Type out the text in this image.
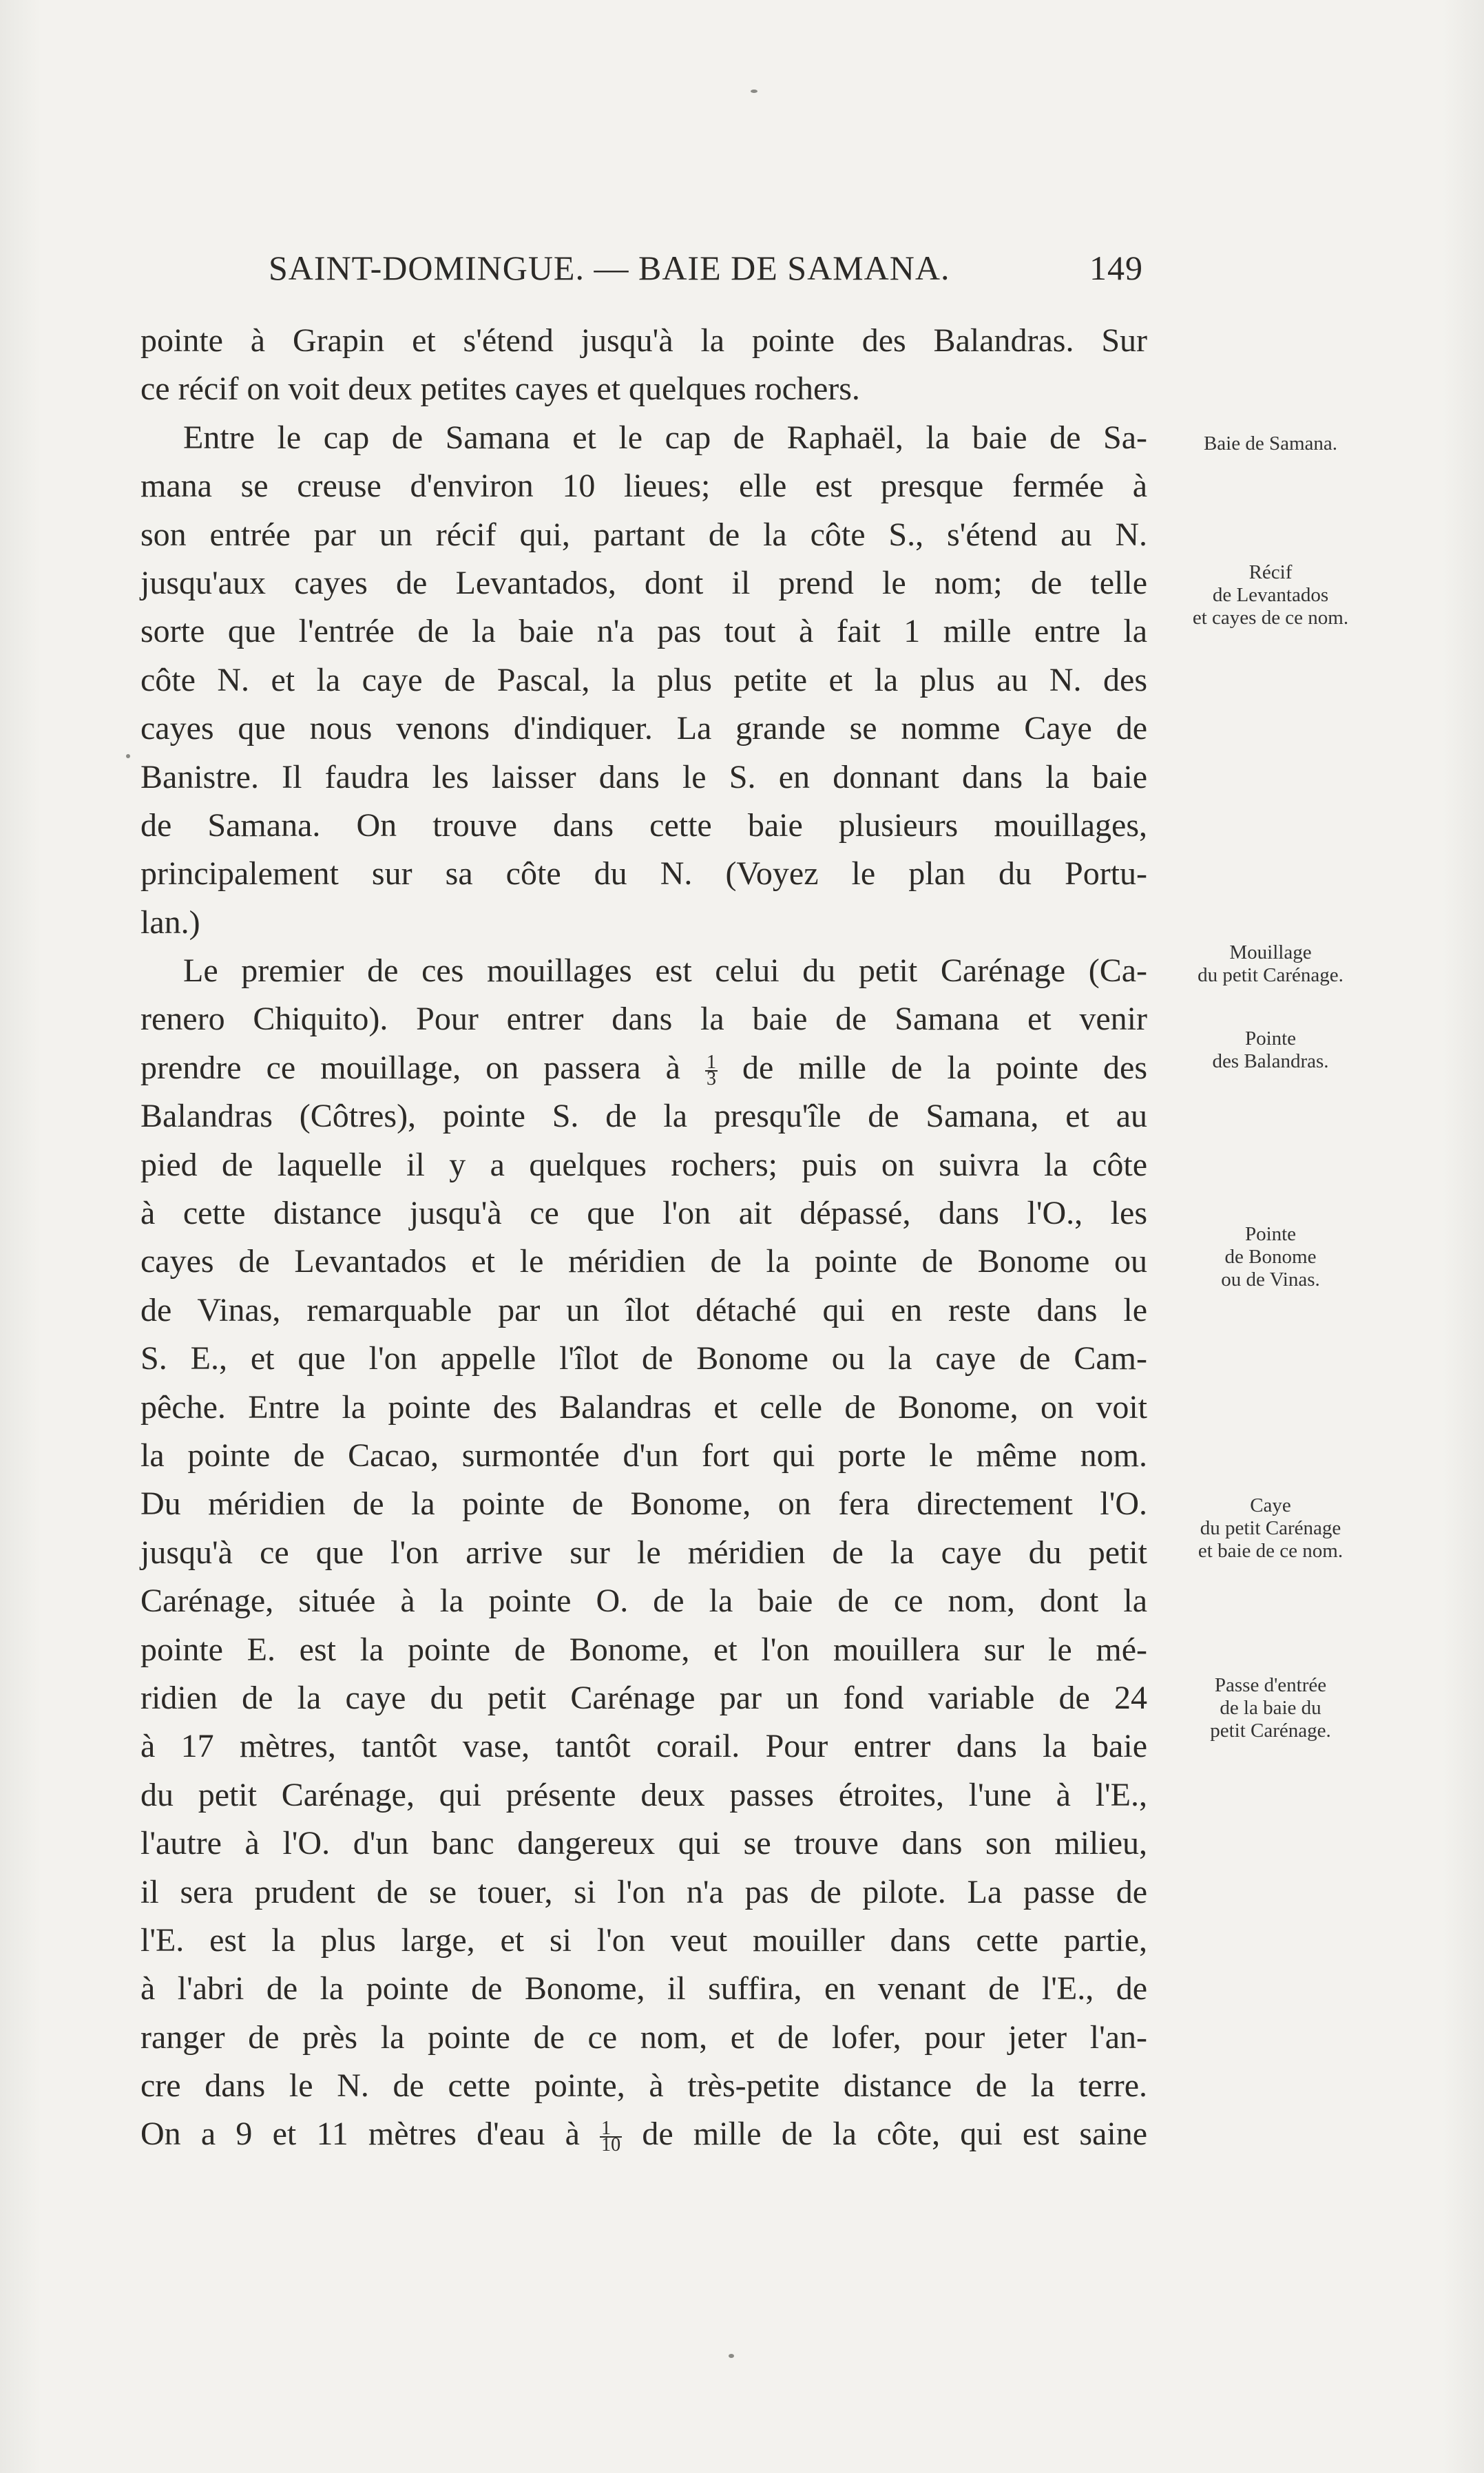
SAINT-DOMINGUE. — BAIE DE SAMANA.	149
pointe à Grapin et s'étend jusqu'à la pointe des Balandras. Sur
ce récif on voit deux petites cayes et quelques rochers.
Entre le cap de Samana et le cap de Raphaël, la baie de Sa-
mana se creuse d'environ 10 lieues; elle est presque fermée à
son entrée par un récif qui, partant de la côte S., s'étend au N.
jusqu'aux cayes de Levantados, dont il prend le nom; de telle
sorte que l'entrée de la baie n'a pas tout à fait 1 mille entre la
côte N. et la caye de Pascal, la plus petite et la plus au N. des
cayes que nous venons d'indiquer. La grande se nomme Caye de
Banistre. Il faudra les laisser dans le S. en donnant dans la baie
de Samana. On trouve dans cette baie plusieurs mouillages,
principalement sur sa côte du N. (Voyez le plan du Portu-
lan.)
Le premier de ces mouillages est celui du petit Carénage (Ca-
renero Chiquito). Pour entrer dans la baie de Samana et venir
prendre ce mouillage, on passera à $\frac{1}{3}$ de mille de la pointe des
Balandras (Côtres), pointe S. de la presqu'île de Samana, et au
pied de laquelle il y a quelques rochers; puis on suivra la côte
à cette distance jusqu'à ce que l'on ait dépassé, dans l'O., les
cayes de Levantados et le méridien de la pointe de Bonome ou
de Vinas, remarquable par un îlot détaché qui en reste dans le
S. E., et que l'on appelle l'îlot de Bonome ou la caye de Cam-
pêche. Entre la pointe des Balandras et celle de Bonome, on voit
la pointe de Cacao, surmontée d'un fort qui porte le même nom.
Du méridien de la pointe de Bonome, on fera directement l'O.
jusqu'à ce que l'on arrive sur le méridien de la caye du petit
Carénage, située à la pointe O. de la baie de ce nom, dont la
pointe E. est la pointe de Bonome, et l'on mouillera sur le mé-
ridien de la caye du petit Carénage par un fond variable de 24
à 17 mètres, tantôt vase, tantôt corail. Pour entrer dans la baie
du petit Carénage, qui présente deux passes étroites, l'une à l'E.,
l'autre à l'O. d'un banc dangereux qui se trouve dans son milieu,
il sera prudent de se touer, si l'on n'a pas de pilote. La passe de
l'E. est la plus large, et si l'on veut mouiller dans cette partie,
à l'abri de la pointe de Bonome, il suffira, en venant de l'E., de
ranger de près la pointe de ce nom, et de lofer, pour jeter l'an-
cre dans le N. de cette pointe, à très-petite distance de la terre.
On a 9 et 11 mètres d'eau à $\frac{1}{10}$ de mille de la côte, qui est saine
Baie de Samana.
Récif
de Levantados
et cayes de ce nom.
Mouillage
du petit Carénage.
Pointe
des Balandras.
Pointe
de Bonome
ou de Vinas.
Caye
du petit Carénage
et baie de ce nom.
Passe d'entrée
de la baie du
petit Carénage.
